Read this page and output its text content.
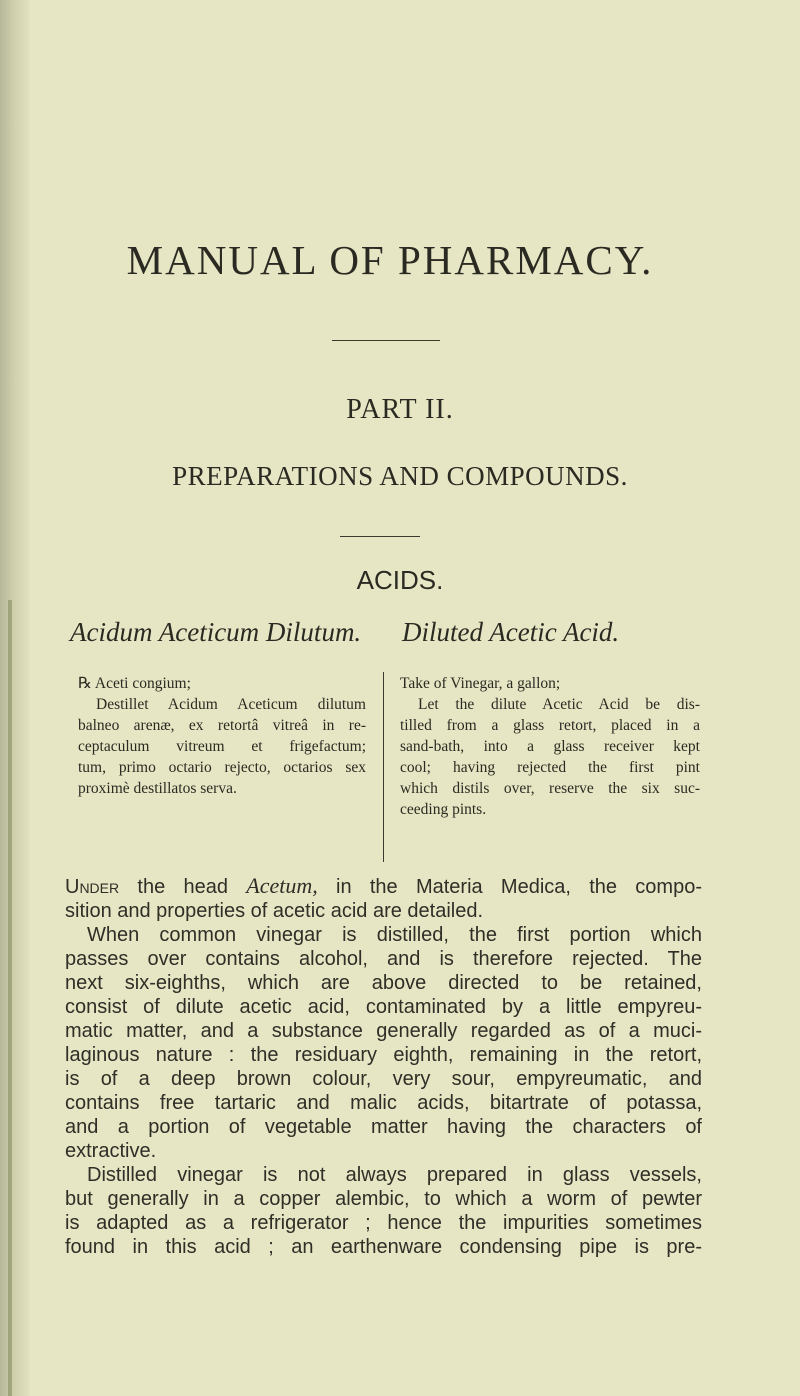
MANUAL OF PHARMACY.
PART II.
PREPARATIONS AND COMPOUNDS.
ACIDS.
Acidum Aceticum Dilutum. Diluted Acetic Acid.
℞ Aceti congium;
Destillet Acidum Aceticum dilutum
balneo arenæ, ex retortâ vitreâ in re-
ceptaculum vitreum et frigefactum;
tum, primo octario rejecto, octarios sex
proximè destillatos serva.
Take of Vinegar, a gallon;
Let the dilute Acetic Acid be dis-
tilled from a glass retort, placed in a
sand-bath, into a glass receiver kept
cool; having rejected the first pint
which distils over, reserve the six suc-
ceeding pints.
Under the head Acetum, in the Materia Medica, the compo-
sition and properties of acetic acid are detailed.
When common vinegar is distilled, the first portion which
passes over contains alcohol, and is therefore rejected. The
next six-eighths, which are above directed to be retained,
consist of dilute acetic acid, contaminated by a little empyreu-
matic matter, and a substance generally regarded as of a muci-
laginous nature : the residuary eighth, remaining in the retort,
is of a deep brown colour, very sour, empyreumatic, and
contains free tartaric and malic acids, bitartrate of potassa,
and a portion of vegetable matter having the characters of
extractive.
Distilled vinegar is not always prepared in glass vessels,
but generally in a copper alembic, to which a worm of pewter
is adapted as a refrigerator ; hence the impurities sometimes
found in this acid ; an earthenware condensing pipe is pre-
